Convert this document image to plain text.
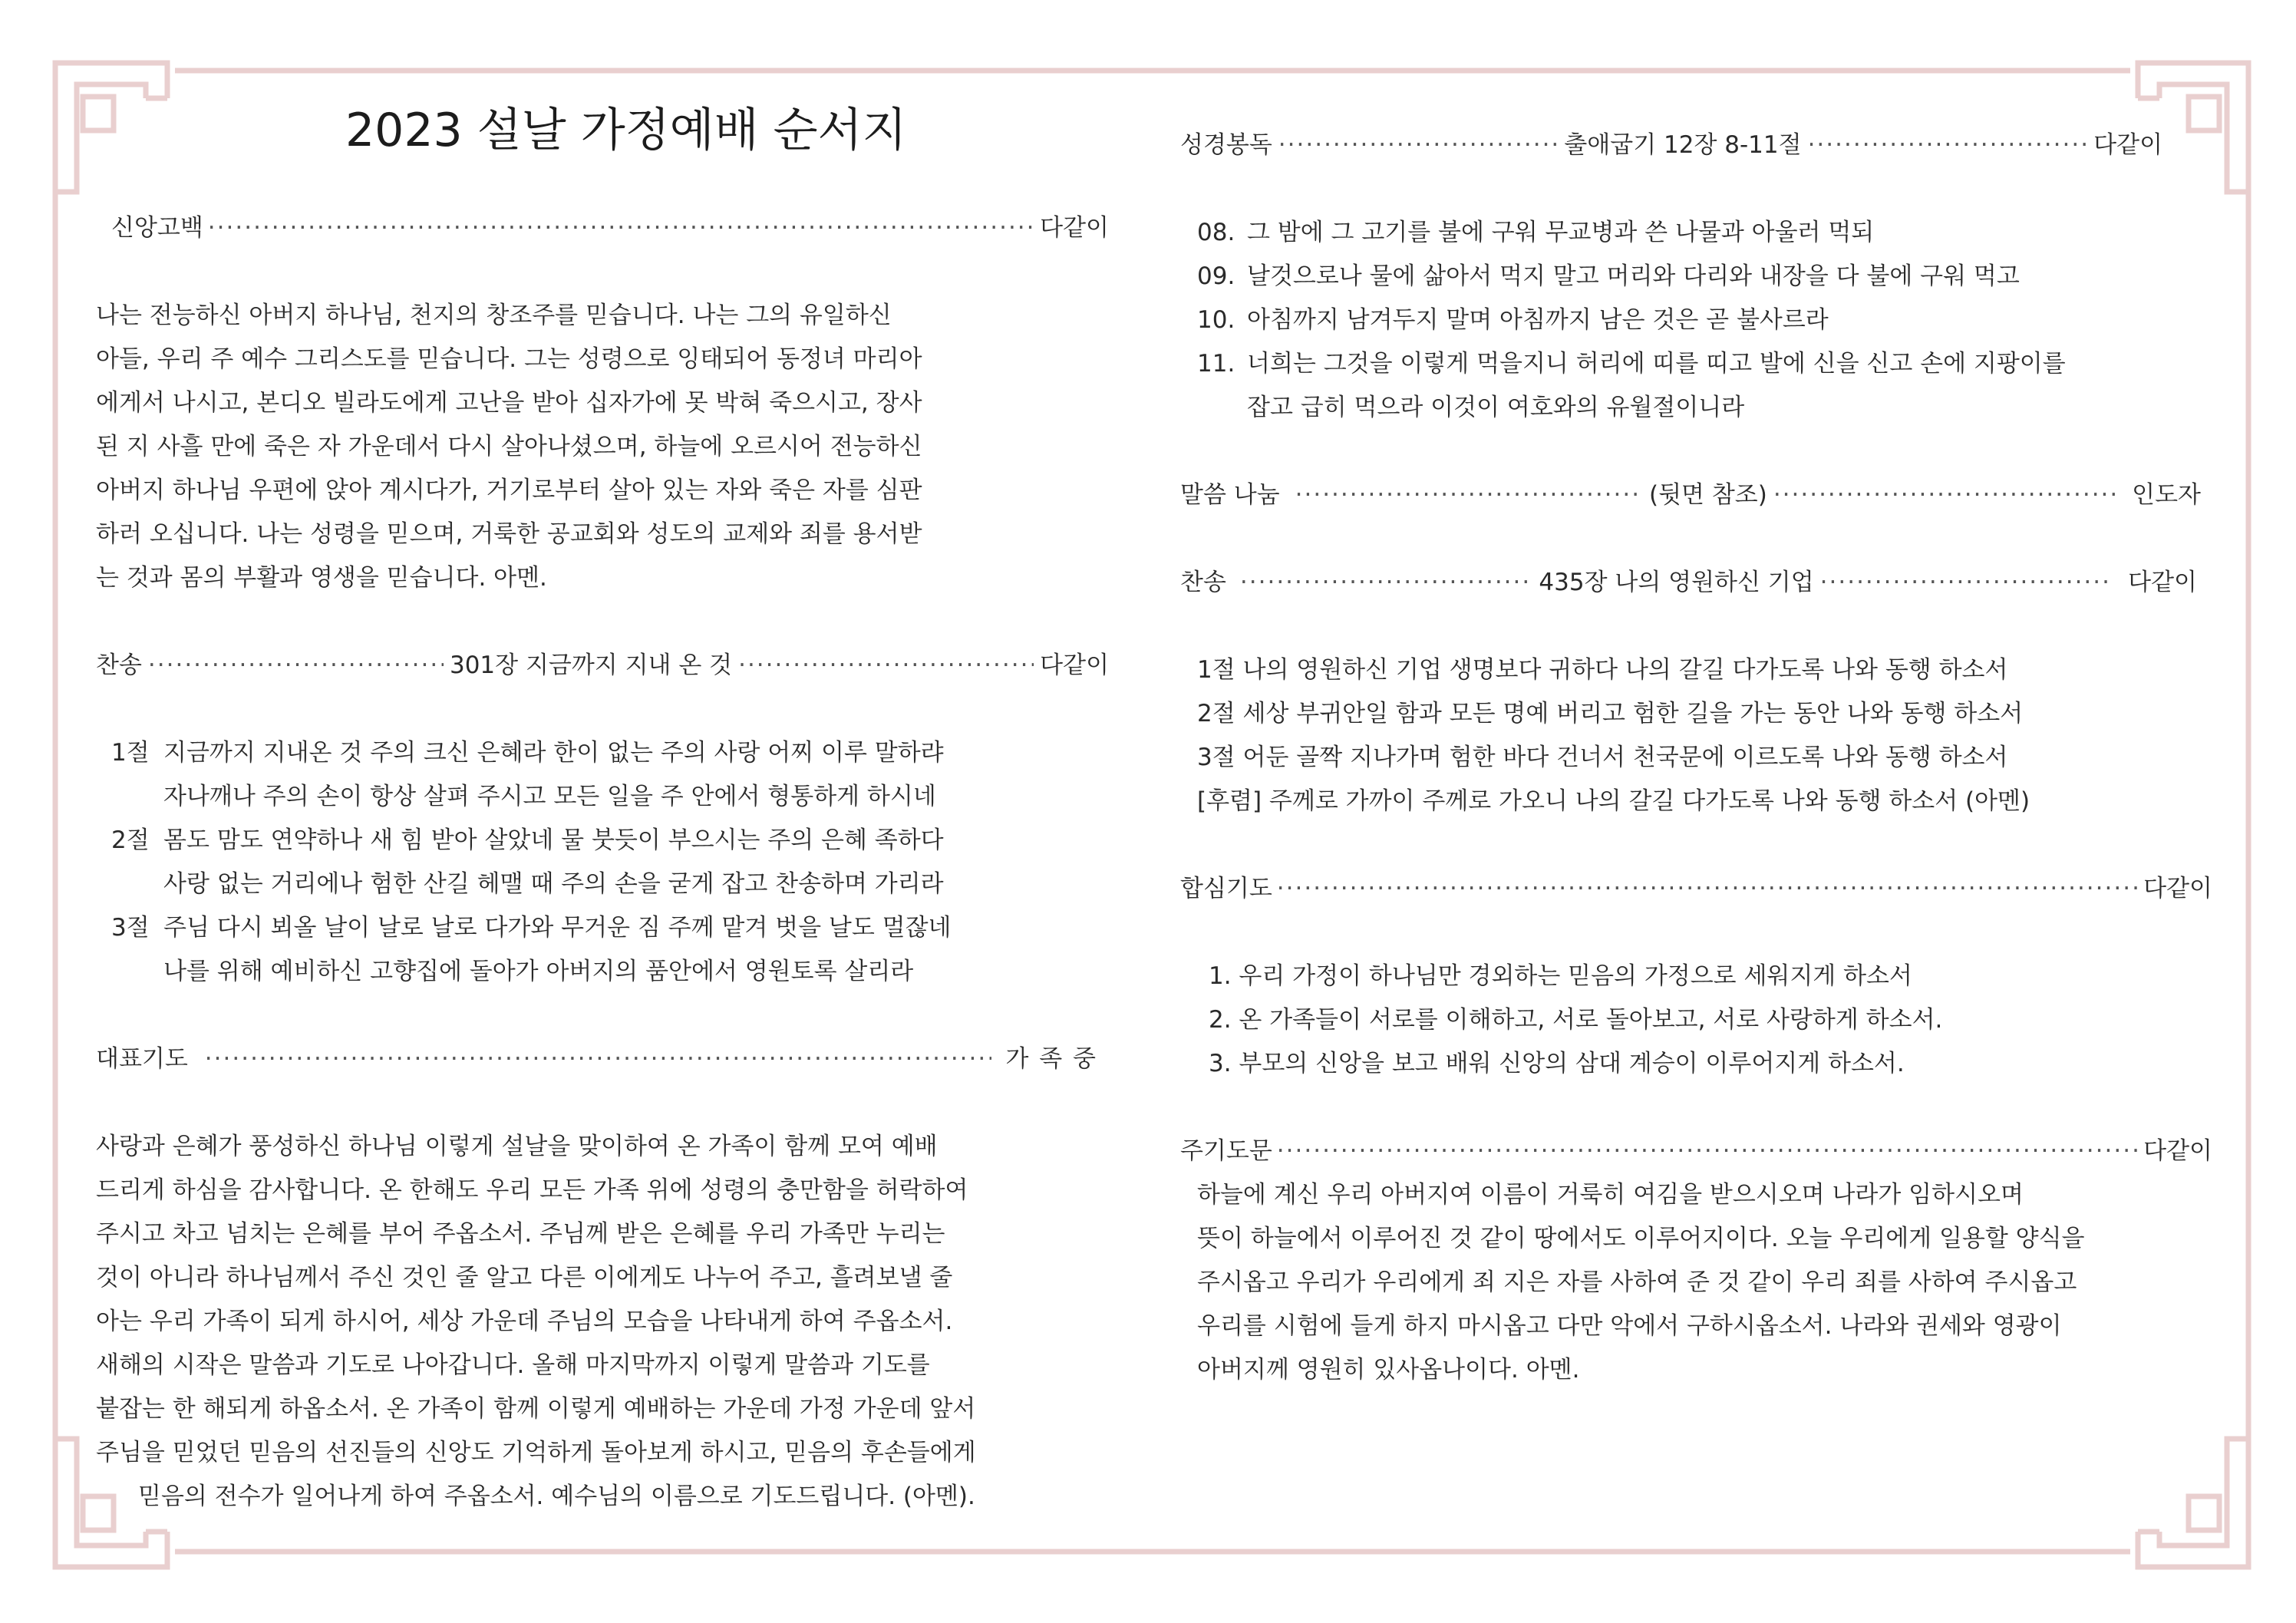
2023 설날 가정예배 순서지
신앙고백 ·····	다같이
나는 전능하신 아버지 하나님, 천지의 창조주를 믿습니다. 나는 그의 유일하신
아들, 우리 주 예수 그리스도를 믿습니다. 그는 성령으로 잉태되어 동정녀 마리아
에게서 나시고, 본디오 빌라도에게 고난을 받아 십자가에 못 박혀 죽으시고, 장사
된 지 사흘 만에 죽은 자 가운데서 다시 살아나셨으며, 하늘에 오르시어 전능하신
아버지 하나님 우편에 앉아 계시다가, 거기로부터 살아 있는 자와 죽은 자를 심판
하러 오십니다. 나는 성령을 믿으며, 거룩한 공교회와 성도의 교제와 죄를 용서받
는 것과 몸의 부활과 영생을 믿습니다. 아멘.
찬송 ·····	301장 지금까지 지내 온 것 ·····	다같이
1절 지금까지 지내온 것 주의 크신 은혜라 한이 없는 주의 사랑 어찌 이루 말하랴
자나깨나 주의 손이 항상 살펴 주시고 모든 일을 주 안에서 형통하게 하시네
2절 몸도 맘도 연약하나 새 힘 받아 살았네 물 붓듯이 부으시는 주의 은혜 족하다
사랑 없는 거리에나 험한 산길 헤맬 때 주의 손을 굳게 잡고 찬송하며 가리라
3절 주님 다시 뵈올 날이 날로 날로 다가와 무거운 짐 주께 맡겨 벗을 날도 멀잖네
나를 위해 예비하신 고향집에 돌아가 아버지의 품안에서 영원토록 살리라
대표기도 ·····	가 족 중
사랑과 은혜가 풍성하신 하나님 이렇게 설날을 맞이하여 온 가족이 함께 모여 예배
드리게 하심을 감사합니다. 온 한해도 우리 모든 가족 위에 성령의 충만함을 허락하여
주시고 차고 넘치는 은혜를 부어 주옵소서. 주님께 받은 은혜를 우리 가족만 누리는
것이 아니라 하나님께서 주신 것인 줄 알고 다른 이에게도 나누어 주고, 흘려보낼 줄
아는 우리 가족이 되게 하시어, 세상 가운데 주님의 모습을 나타내게 하여 주옵소서.
새해의 시작은 말씀과 기도로 나아갑니다. 올해 마지막까지 이렇게 말씀과 기도를
붙잡는 한 해되게 하옵소서. 온 가족이 함께 이렇게 예배하는 가운데 가정 가운데 앞서
주님을 믿었던 믿음의 선진들의 신앙도 기억하게 돌아보게 하시고, 믿음의 후손들에게
믿음의 전수가 일어나게 하여 주옵소서. 예수님의 이름으로 기도드립니다. (아멘).
성경봉독 ·····	출애굽기 12장 8-11절 ·····	다같이
08. 그 밤에 그 고기를 불에 구워 무교병과 쓴 나물과 아울러 먹되
09. 날것으로나 물에 삶아서 먹지 말고 머리와 다리와 내장을 다 불에 구워 먹고
10. 아침까지 남겨두지 말며 아침까지 남은 것은 곧 불사르라
11. 너희는 그것을 이렇게 먹을지니 허리에 띠를 띠고 발에 신을 신고 손에 지팡이를
잡고 급히 먹으라 이것이 여호와의 유월절이니라
말씀 나눔 ·····	(뒷면 참조) ·····	인도자
찬송 ·····	435장 나의 영원하신 기업 ·····	다같이
1절 나의 영원하신 기업 생명보다 귀하다 나의 갈길 다가도록 나와 동행 하소서
2절 세상 부귀안일 함과 모든 명예 버리고 험한 길을 가는 동안 나와 동행 하소서
3절 어둔 골짝 지나가며 험한 바다 건너서 천국문에 이르도록 나와 동행 하소서
[후렴] 주께로 가까이 주께로 가오니 나의 갈길 다가도록 나와 동행 하소서 (아멘)
합심기도 ·····	다같이
1. 우리 가정이 하나님만 경외하는 믿음의 가정으로 세워지게 하소서
2. 온 가족들이 서로를 이해하고, 서로 돌아보고, 서로 사랑하게 하소서.
3. 부모의 신앙을 보고 배워 신앙의 삼대 계승이 이루어지게 하소서.
주기도문 ·····	다같이
하늘에 계신 우리 아버지여 이름이 거룩히 여김을 받으시오며 나라가 임하시오며
뜻이 하늘에서 이루어진 것 같이 땅에서도 이루어지이다. 오늘 우리에게 일용할 양식을
주시옵고 우리가 우리에게 죄 지은 자를 사하여 준 것 같이 우리 죄를 사하여 주시옵고
우리를 시험에 들게 하지 마시옵고 다만 악에서 구하시옵소서. 나라와 권세와 영광이
아버지께 영원히 있사옵나이다. 아멘.
